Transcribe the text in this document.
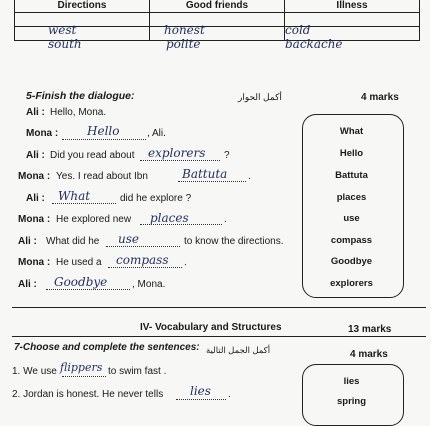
Directions	Good friends	Illness

west	honest	cold
south	polite	backache
5-Finish the dialogue:	أكمل الحوار	4 marks
Ali : Hello, Mona.
Mona : Hello	, Ali.
Ali : Did you read about explorers ?
Mona : Yes. I read about Ibn	Battuta .
Ali : What	did he explore ?
Mona : He explored new places	.
Ali : What did he use	to know the directions.
Mona : He used a compass .
Ali : Goodbye , Mona.
What
Hello
Battuta
places
use
compass
Goodbye
explorers
IV- Vocabulary and Structures	13 marks
7-Choose and complete the sentences: أكمل الجمل التالية	4 marks
1. We use flippers to swim fast .
2. Jordan is honest. He never tells lies .
lies
spring
